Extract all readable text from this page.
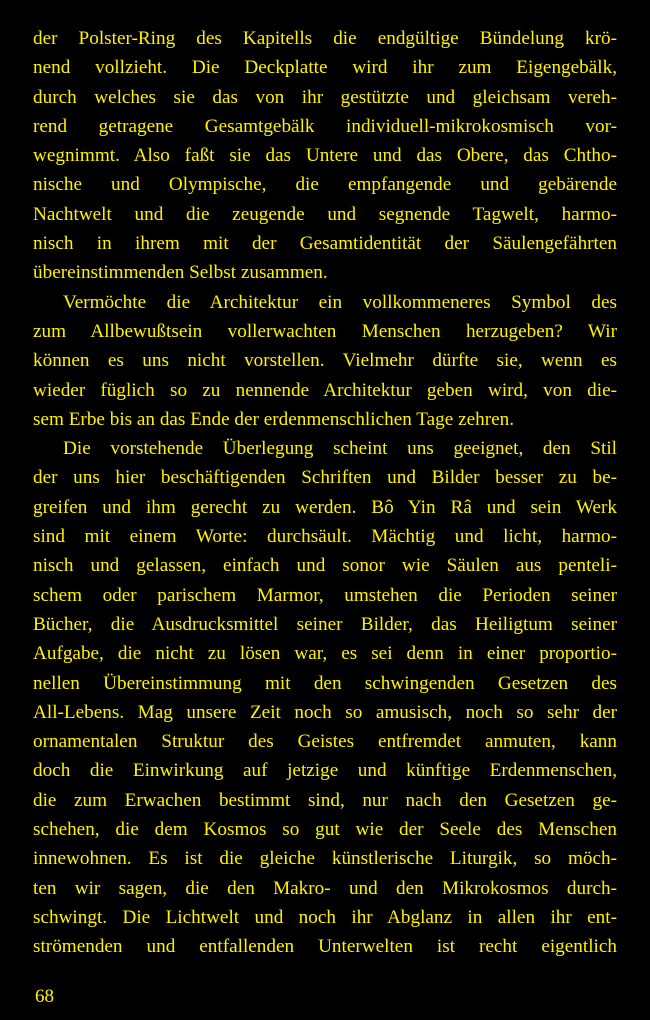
der Polster-Ring des Kapitells die endgültige Bündelung krö-
nend vollzieht. Die Deckplatte wird ihr zum Eigengebälk,
durch welches sie das von ihr gestützte und gleichsam vereh-
rend getragene Gesamtgebälk individuell-mikrokosmisch vor-
wegnimmt. Also faßt sie das Untere und das Obere, das Chtho-
nische und Olympische, die empfangende und gebärende
Nachtwelt und die zeugende und segnende Tagwelt, harmo-
nisch in ihrem mit der Gesamtidentität der Säulengefährten
übereinstimmenden Selbst zusammen.
Vermöchte die Architektur ein vollkommeneres Symbol des
zum Allbewußtsein vollerwachten Menschen herzugeben? Wir
können es uns nicht vorstellen. Vielmehr dürfte sie, wenn es
wieder füglich so zu nennende Architektur geben wird, von die-
sem Erbe bis an das Ende der erdenmenschlichen Tage zehren.
Die vorstehende Überlegung scheint uns geeignet, den Stil
der uns hier beschäftigenden Schriften und Bilder besser zu be-
greifen und ihm gerecht zu werden. Bô Yin Râ und sein Werk
sind mit einem Worte: durchsäult. Mächtig und licht, harmo-
nisch und gelassen, einfach und sonor wie Säulen aus penteli-
schem oder parischem Marmor, umstehen die Perioden seiner
Bücher, die Ausdrucksmittel seiner Bilder, das Heiligtum seiner
Aufgabe, die nicht zu lösen war, es sei denn in einer proportio-
nellen Übereinstimmung mit den schwingenden Gesetzen des
All-Lebens. Mag unsere Zeit noch so amusisch, noch so sehr der
ornamentalen Struktur des Geistes entfremdet anmuten, kann
doch die Einwirkung auf jetzige und künftige Erdenmenschen,
die zum Erwachen bestimmt sind, nur nach den Gesetzen ge-
schehen, die dem Kosmos so gut wie der Seele des Menschen
innewohnen. Es ist die gleiche künstlerische Liturgik, so möch-
ten wir sagen, die den Makro- und den Mikrokosmos durch-
schwingt. Die Lichtwelt und noch ihr Abglanz in allen ihr ent-
strömenden und entfallenden Unterwelten ist recht eigentlich
68
